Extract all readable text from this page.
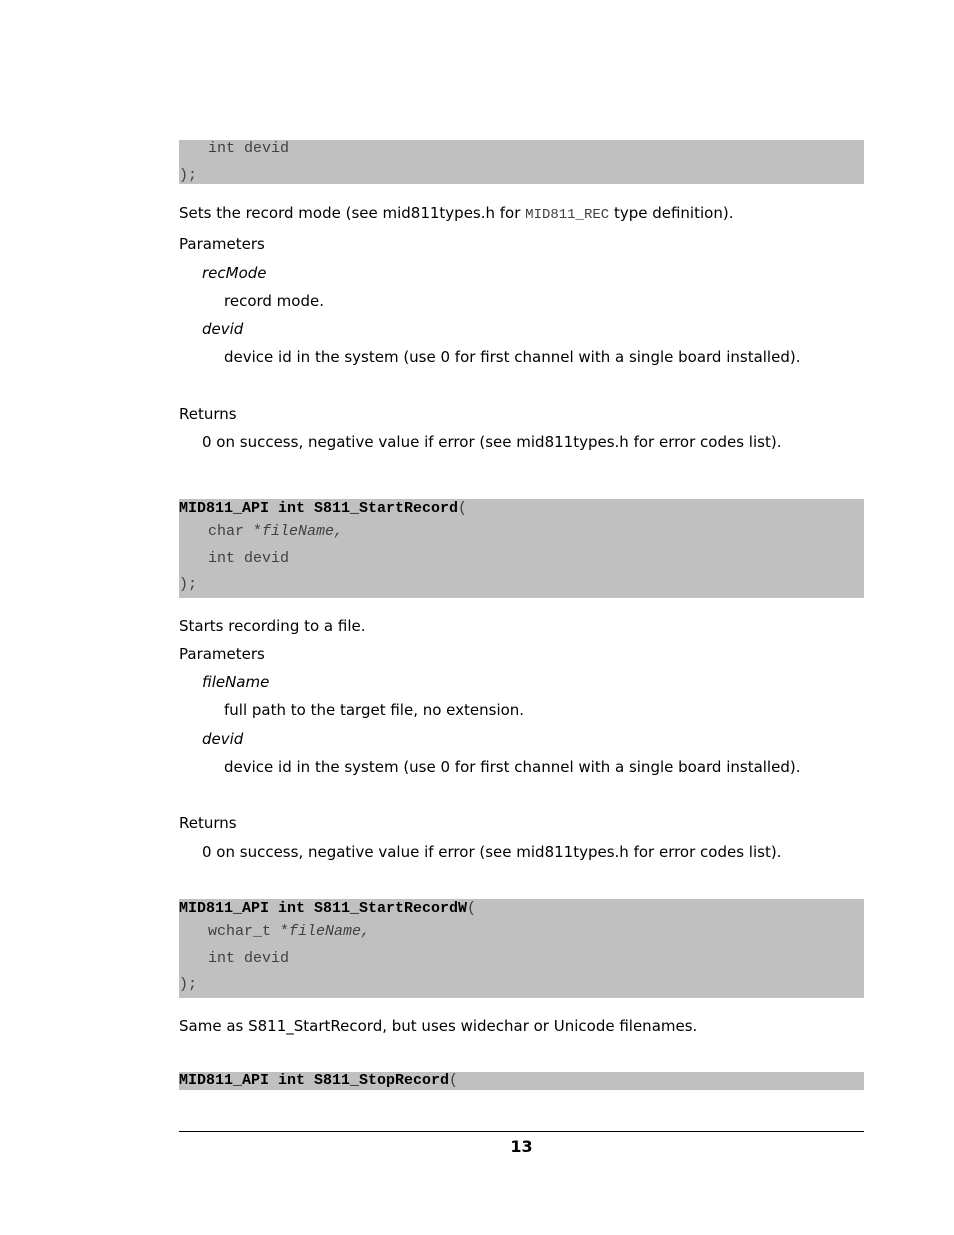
int devid
);
Sets the record mode (see mid811types.h for MID811_REC type definition).
Parameters
recMode
record mode.
devid
device id in the system (use 0 for first channel with a single board installed).
Returns
0 on success, negative value if error (see mid811types.h for error codes list).
MID811_API int S811_StartRecord(
char *fileName,
int devid
);
Starts recording to a file.
Parameters
fileName
full path to the target file, no extension.
devid
device id in the system (use 0 for first channel with a single board installed).
Returns
0 on success, negative value if error (see mid811types.h for error codes list).
MID811_API int S811_StartRecordW(
wchar_t *fileName,
int devid
);
Same as S811_StartRecord, but uses widechar or Unicode filenames.
MID811_API int S811_StopRecord(
13
